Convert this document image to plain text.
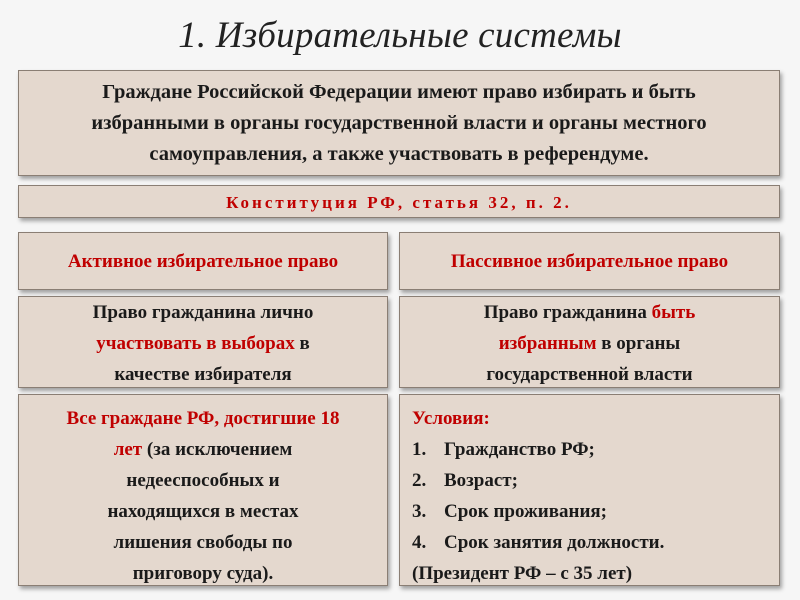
1. Избирательные системы
Граждане Российской Федерации имеют право избирать и быть
избранными в органы государственной власти и органы местного
самоуправления, а также участвовать в референдуме.
Конституция РФ, статья 32, п. 2.
Активное избирательное право	Пассивное избирательное право
Право гражданина лично
участвовать в выборах в
качестве избирателя
Право гражданина быть
избранным в органы
государственной власти
Все граждане РФ, достигшие 18
лет (за исключением
недееспособных и
находящихся в местах
лишения свободы по
приговору суда).
Условия:
1. Гражданство РФ;
2. Возраст;
3. Срок проживания;
4. Срок занятия должности.
(Президент РФ – с 35 лет)
